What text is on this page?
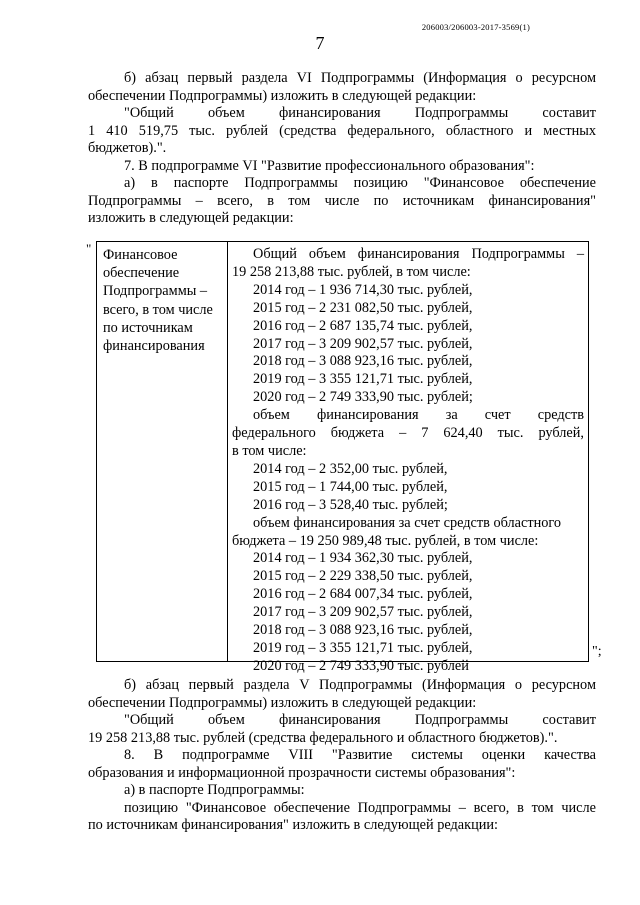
206003/206003-2017-3569(1)
7

б) абзац первый раздела VI Подпрограммы (Информация о ресурсном

обеспечении Подпрограммы) изложить в следующей редакции:

"Общий объем финансирования Подпрограммы составит

1 410 519,75 тыс. рублей (средства федерального, областного и местных

бюджетов).".

7. В подпрограмме VI "Развитие профессионального образования":

а) в паспорте Подпрограммы позицию "Финансовое обеспечение

Подпрограммы – всего, в том числе по источникам финансирования"

изложить в следующей редакции:

" Финансовое
обеспечение
Подпрограммы –
всего, в том числе
по источникам
финансирования
Общий объем финансирования Подпрограммы –
19 258 213,88 тыс. рублей, в том числе:
2014 год – 1 936 714,30 тыс. рублей,
2015 год – 2 231 082,50 тыс. рублей,
2016 год – 2 687 135,74 тыс. рублей,
2017 год – 3 209 902,57 тыс. рублей,
2018 год – 3 088 923,16 тыс. рублей,
2019 год – 3 355 121,71 тыс. рублей,
2020 год – 2 749 333,90 тыс. рублей;
объем финансирования за счет средств
федерального бюджета – 7 624,40 тыс. рублей,
в том числе:
2014 год – 2 352,00 тыс. рублей,
2015 год – 1 744,00 тыс. рублей,
2016 год – 3 528,40 тыс. рублей;
объем финансирования за счет средств областного
бюджета – 19 250 989,48 тыс. рублей, в том числе:
2014 год – 1 934 362,30 тыс. рублей,
2015 год – 2 229 338,50 тыс. рублей,
2016 год – 2 684 007,34 тыс. рублей,
2017 год – 3 209 902,57 тыс. рублей,
2018 год – 3 088 923,16 тыс. рублей,
2019 год – 3 355 121,71 тыс. рублей,
2020 год – 2 749 333,90 тыс. рублей
";

б) абзац первый раздела V Подпрограммы (Информация о ресурсном

обеспечении Подпрограммы) изложить в следующей редакции:

"Общий объем финансирования Подпрограммы составит

19 258 213,88 тыс. рублей (средства федерального и областного бюджетов).".

8. В подпрограмме VIII "Развитие системы оценки качества

образования и информационной прозрачности системы образования":

а) в паспорте Подпрограммы:

позицию "Финансовое обеспечение Подпрограммы – всего, в том числе

по источникам финансирования" изложить в следующей редакции:
